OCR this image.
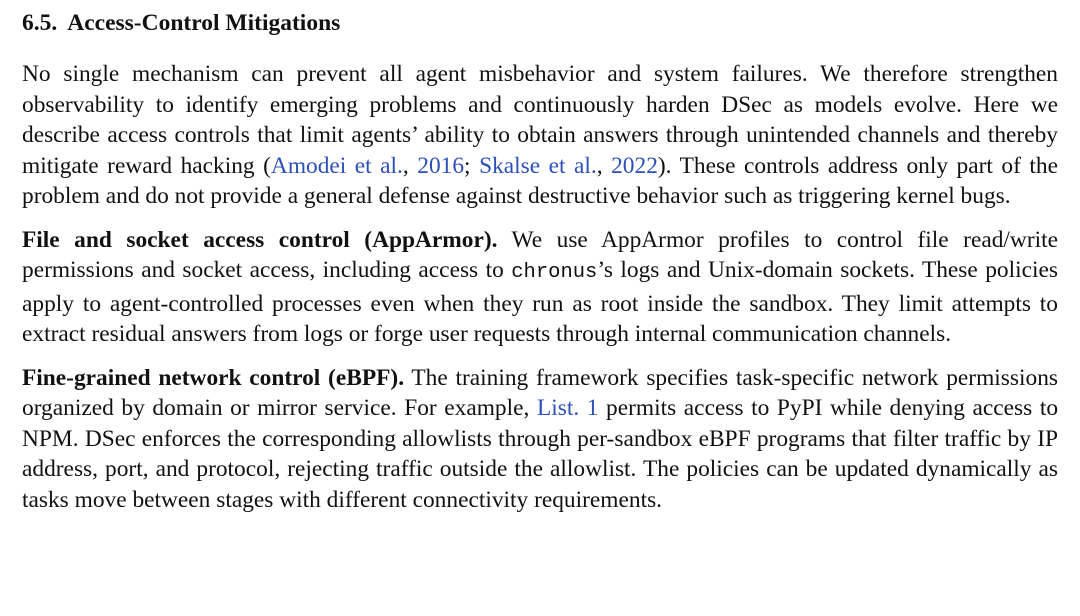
6.5. Access-Control Mitigations

No single mechanism can prevent all agent misbehavior and system failures. We therefore strengthen observability to identify emerging problems and continuously harden DSec as models evolve. Here we describe access controls that limit agents’ ability to obtain answers through unintended channels and thereby mitigate reward hacking (Amodei et al., 2016; Skalse et al., 2022). These controls address only part of the problem and do not provide a general defense against destructive behavior such as triggering kernel bugs.

File and socket access control (AppArmor). We use AppArmor profiles to control file read/write permissions and socket access, including access to chronus’s logs and Unix-domain sockets. These policies apply to agent-controlled processes even when they run as root inside the sandbox. They limit attempts to extract residual answers from logs or forge user requests through internal communication channels.

Fine-grained network control (eBPF). The training framework specifies task-specific network permissions organized by domain or mirror service. For example, List. 1 permits access to PyPI while denying access to NPM. DSec enforces the corresponding allowlists through per-sandbox eBPF programs that filter traffic by IP address, port, and protocol, rejecting traffic outside the allowlist. The policies can be updated dynamically as tasks move between stages with different connectivity requirements.
